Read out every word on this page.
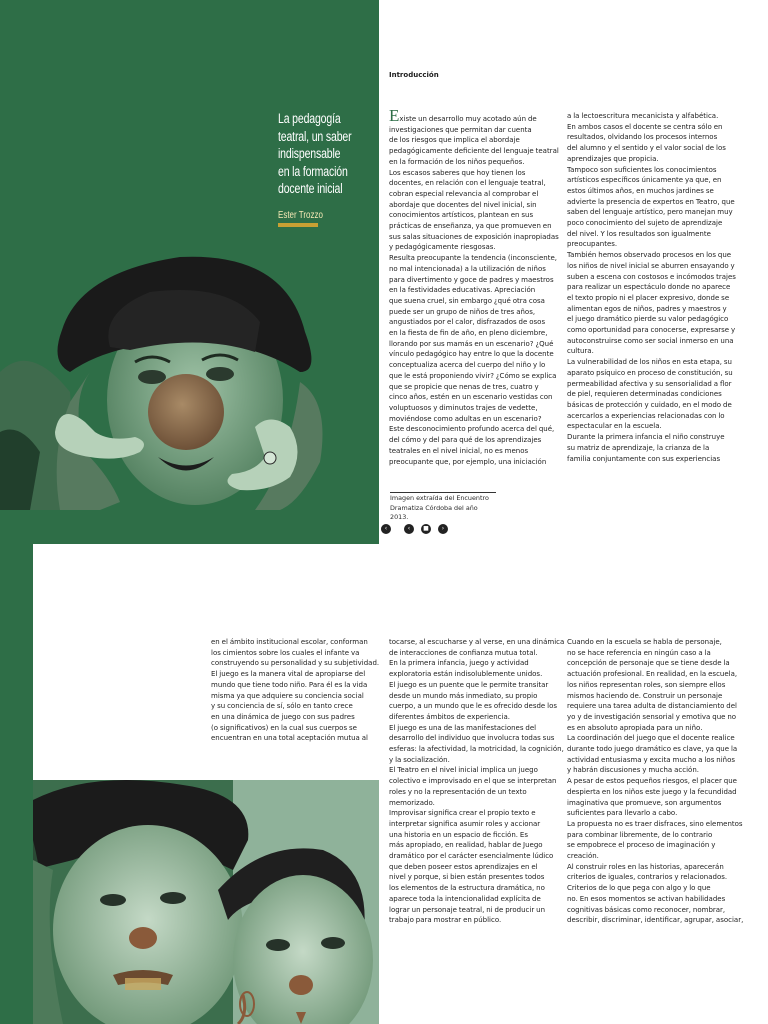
La pedagogía
teatral, un saber
indispensable
en la formación
docente inicial
Ester Trozzo
Introducción
Existe un desarrollo muy acotado aún de
investigaciones que permitan dar cuenta
de los riesgos que implica el abordaje
pedagógicamente deficiente del lenguaje teatral
en la formación de los niños pequeños.
Los escasos saberes que hoy tienen los
docentes, en relación con el lenguaje teatral,
cobran especial relevancia al comprobar el
abordaje que docentes del nivel inicial, sin
conocimientos artísticos, plantean en sus
prácticas de enseñanza, ya que promueven en
sus salas situaciones de exposición inapropiadas
y pedagógicamente riesgosas.
Resulta preocupante la tendencia (inconsciente,
no mal intencionada) a la utilización de niños
para divertimento y goce de padres y maestros
en la festividades educativas. Apreciación
que suena cruel, sin embargo ¿qué otra cosa
puede ser un grupo de niños de tres años,
angustiados por el calor, disfrazados de osos
en la fiesta de fin de año, en pleno diciembre,
llorando por sus mamás en un escenario? ¿Qué
vínculo pedagógico hay entre lo que la docente
conceptualiza acerca del cuerpo del niño y lo
que le está proponiendo vivir? ¿Cómo se explica
que se propicie que nenas de tres, cuatro y
cinco años, estén en un escenario vestidas con
voluptuosos y diminutos trajes de vedette,
moviéndose como adultas en un escenario?
Este desconocimiento profundo acerca del qué,
del cómo y del para qué de los aprendizajes
teatrales en el nivel inicial, no es menos
preocupante que, por ejemplo, una iniciación
a la lectoescritura mecanicista y alfabética.
En ambos casos el docente se centra sólo en
resultados, olvidando los procesos internos
del alumno y el sentido y el valor social de los
aprendizajes que propicia.
Tampoco son suficientes los conocimientos
artísticos específicos únicamente ya que, en
estos últimos años, en muchos jardines se
advierte la presencia de expertos en Teatro, que
saben del lenguaje artístico, pero manejan muy
poco conocimiento del sujeto de aprendizaje
del nivel. Y los resultados son igualmente
preocupantes.
También hemos observado procesos en los que
los niños de nivel inicial se aburren ensayando y
suben a escena con costosos e incómodos trajes
para realizar un espectáculo donde no aparece
el texto propio ni el placer expresivo, donde se
alimentan egos de niños, padres y maestros y
el juego dramático pierde su valor pedagógico
como oportunidad para conocerse, expresarse y
autoconstruirse como ser social inmerso en una
cultura.
La vulnerabilidad de los niños en esta etapa, su
aparato psíquico en proceso de constitución, su
permeabilidad afectiva y su sensorialidad a flor
de piel, requieren determinadas condiciones
básicas de protección y cuidado, en el modo de
acercarlos a experiencias relacionadas con lo
espectacular en la escuela.
Durante la primera infancia el niño construye
su matriz de aprendizaje, la crianza de la
familia conjuntamente con sus experiencias
Imagen extraída del Encuentro
Dramatiza Córdoba del año 2013.
‹	‹	■	›
en el ámbito institucional escolar, conforman
los cimientos sobre los cuales el infante va
construyendo su personalidad y su subjetividad.
El juego es la manera vital de apropiarse del
mundo que tiene todo niño. Para él es la vida
misma ya que adquiere su conciencia social
y su conciencia de sí, sólo en tanto crece
en una dinámica de juego con sus padres
(o significativos) en la cual sus cuerpos se
encuentran en una total aceptación mutua al
tocarse, al escucharse y al verse, en una dinámica
de interacciones de confianza mutua total.
En la primera infancia, juego y actividad
exploratoria están indisolublemente unidos.
El juego es un puente que le permite transitar
desde un mundo más inmediato, su propio
cuerpo, a un mundo que le es ofrecido desde los
diferentes ámbitos de experiencia.
El juego es una de las manifestaciones del
desarrollo del individuo que involucra todas sus
esferas: la afectividad, la motricidad, la cognición,
y la socialización.
El Teatro en el nivel inicial implica un juego
colectivo e improvisado en el que se interpretan
roles y no la representación de un texto
memorizado.
Improvisar significa crear el propio texto e
interpretar significa asumir roles y accionar
una historia en un espacio de ficción. Es
más apropiado, en realidad, hablar de Juego
dramático por el carácter esencialmente lúdico
que deben poseer estos aprendizajes en el
nivel y porque, si bien están presentes todos
los elementos de la estructura dramática, no
aparece toda la intencionalidad explícita de
lograr un personaje teatral, ni de producir un
trabajo para mostrar en público.
Cuando en la escuela se habla de personaje,
no se hace referencia en ningún caso a la
concepción de personaje que se tiene desde la
actuación profesional. En realidad, en la escuela,
los niños representan roles, son siempre ellos
mismos haciendo de. Construir un personaje
requiere una tarea adulta de distanciamiento del
yo y de investigación sensorial y emotiva que no
es en absoluto apropiada para un niño.
La coordinación del juego que el docente realice
durante todo juego dramático es clave, ya que la
actividad entusiasma y excita mucho a los niños
y habrán discusiones y mucha acción.
A pesar de estos pequeños riesgos, el placer que
despierta en los niños este juego y la fecundidad
imaginativa que promueve, son argumentos
suficientes para llevarlo a cabo.
La propuesta no es traer disfraces, sino elementos
para combinar libremente, de lo contrario
se empobrece el proceso de imaginación y
creación.
Al construir roles en las historias, aparecerán
criterios de iguales, contrarios y relacionados.
Criterios de lo que pega con algo y lo que
no. En esos momentos se activan habilidades
cognitivas básicas como reconocer, nombrar,
describir, discriminar, identificar, agrupar, asociar,
